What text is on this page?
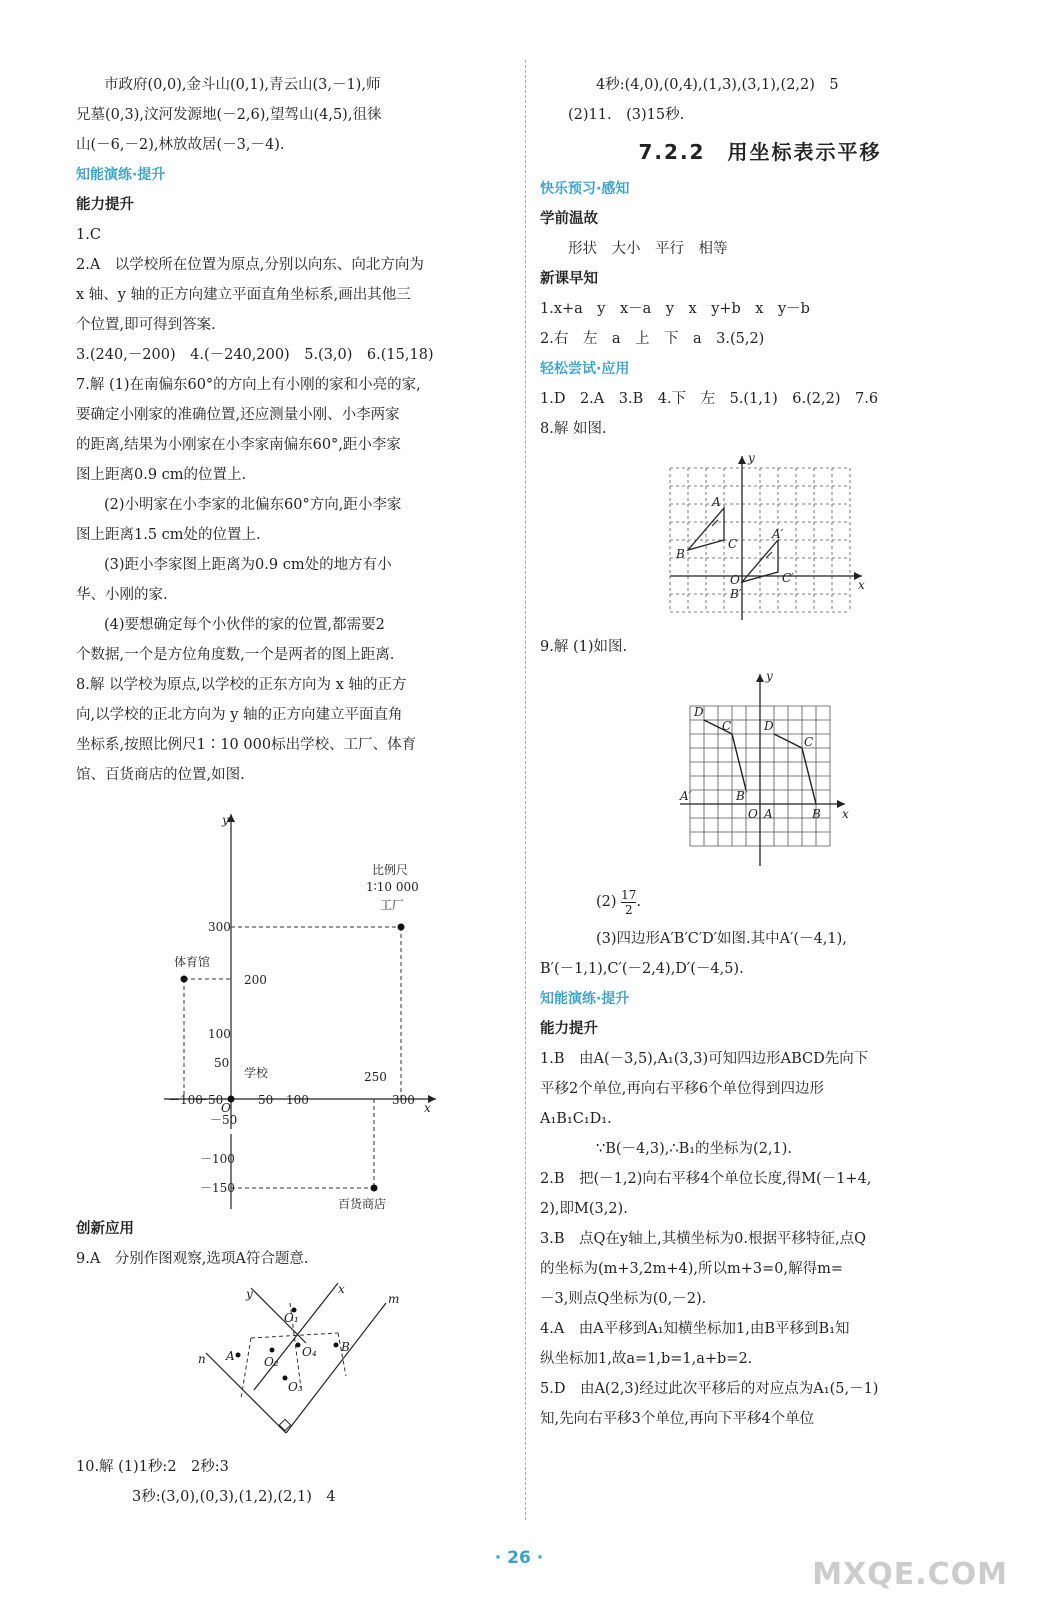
市政府(0,0),金斗山(0,1),青云山(3,－1),师
兄墓(0,3),汶河发源地(－2,6),望驾山(4,5),徂徕
山(－6,－2),林放故居(－3,－4).
知能演练·提升
能力提升
1.C
2.A　以学校所在位置为原点,分别以向东、向北方向为
x 轴、y 轴的正方向建立平面直角坐标系,画出其他三
个位置,即可得到答案.
3.(240,－200)　4.(－240,200)　5.(3,0)　6.(15,18)
7.解 (1)在南偏东60°的方向上有小刚的家和小亮的家,
要确定小刚家的准确位置,还应测量小刚、小李两家
的距离,结果为小刚家在小李家南偏东60°,距小李家
图上距离0.9 cm的位置上.
(2)小明家在小李家的北偏东60°方向,距小李家
图上距离1.5 cm处的位置上.
(3)距小李家图上距离为0.9 cm处的地方有小
华、小刚的家.
(4)要想确定每个小伙伴的家的位置,都需要2
个数据,一个是方位角度数,一个是两者的图上距离.
8.解 以学校为原点,以学校的正东方向为 x 轴的正方
向,以学校的正北方向为 y 轴的正方向建立平面直角
坐标系,按照比例尺1∶10 000标出学校、工厂、体育
馆、百货商店的位置,如图.
比例尺
1∶10 000
工厂
体育馆
学校
y
x
O
300
200
100
50
－50
－100
－50	50 100
250
300
－100
－150
百货商店
创新应用
9.A　分别作图观察,选项A符合题意.
y	x
m
n A
B
O₁
O₂
O₃
O₄
10.解 (1)1秒:2　2秒:3
3秒:(3,0),(0,3),(1,2),(2,1)　4
4秒:(4,0),(0,4),(1,3),(3,1),(2,2)　5
(2)11.　(3)15秒.
7.2.2　用坐标表示平移
快乐预习·感知
学前温故
形状　大小　平行　相等
新课早知
1.x+a　y　x－a　y　x　y+b　x　y－b
2.右　左　a　上　下　a　3.(5,2)
轻松尝试·应用
1.D　2.A　3.B　4.下　左　5.(1,1)　6.(2,2)　7.6
8.解 如图.
y
x
A
B
C
A′
B′
C′
O
9.解 (1)如图.
y
x
D
C
A′	B′
O A	B
D
C
$(2) \frac{17}{2}$ .
(3)四边形A′B′C′D′如图.其中A′(－4,1),
B′(－1,1),C′(－2,4),D′(－4,5).
知能演练·提升
能力提升
1.B　由A(－3,5),A₁(3,3)可知四边形ABCD先向下
平移2个单位,再向右平移6个单位得到四边形
A₁B₁C₁D₁.
∵B(－4,3),∴B₁的坐标为(2,1).
2.B　把(－1,2)向右平移4个单位长度,得M(－1+4,
2),即M(3,2).
3.B　点Q在y轴上,其横坐标为0.根据平移特征,点Q
的坐标为(m+3,2m+4),所以m+3=0,解得m=
－3,则点Q坐标为(0,－2).
4.A　由A平移到A₁知横坐标加1,由B平移到B₁知
纵坐标加1,故a=1,b=1,a+b=2.
5.D　由A(2,3)经过此次平移后的对应点为A₁(5,－1)
知,先向右平移3个单位,再向下平移4个单位
· 26 ·	MXQE.COM
